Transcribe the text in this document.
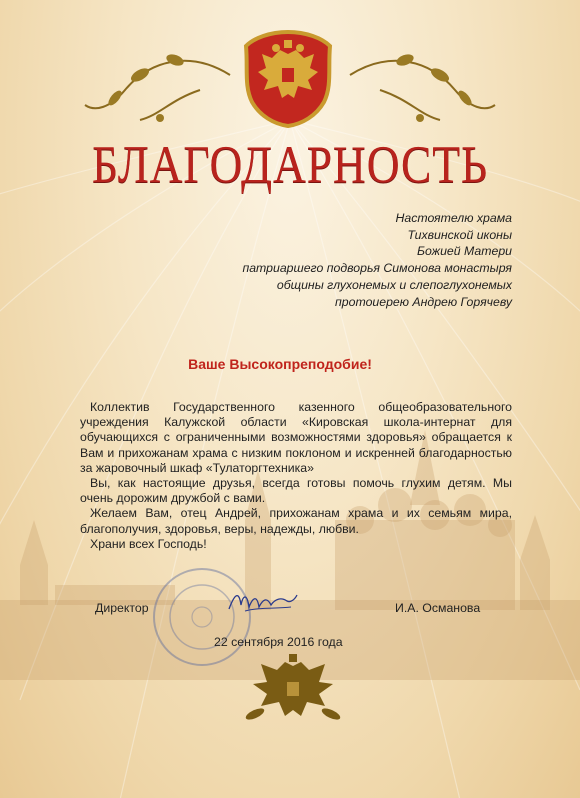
БЛАГОДАРНОСТЬ
Настоятелю храма
Тихвинской иконы
Божией Матери
патриаршего подворья Симонова монастыря
общины глухонемых и слепоглухонемых
протоиерею Андрею Горячеву
Ваше Высокопреподобие!

Коллектив Государственного казенного общеобразовательного учреждения Калужской области «Кировская школа-интернат для обучающихся с ограниченными возможностями здоровья» обращается к Вам и прихожанам храма с низким поклоном и искренней благодарностью за жаровочный шкаф «Тулаторгтехника»

Вы, как настоящие друзья, всегда готовы помочь глухим детям. Мы очень дорожим дружбой с вами.

Желаем Вам, отец Андрей, прихожанам храма и их семьям мира, благополучия, здоровья, веры, надежды, любви.

Храни всех Господь!

Директор	И.А. Османова
22 сентября 2016 года
